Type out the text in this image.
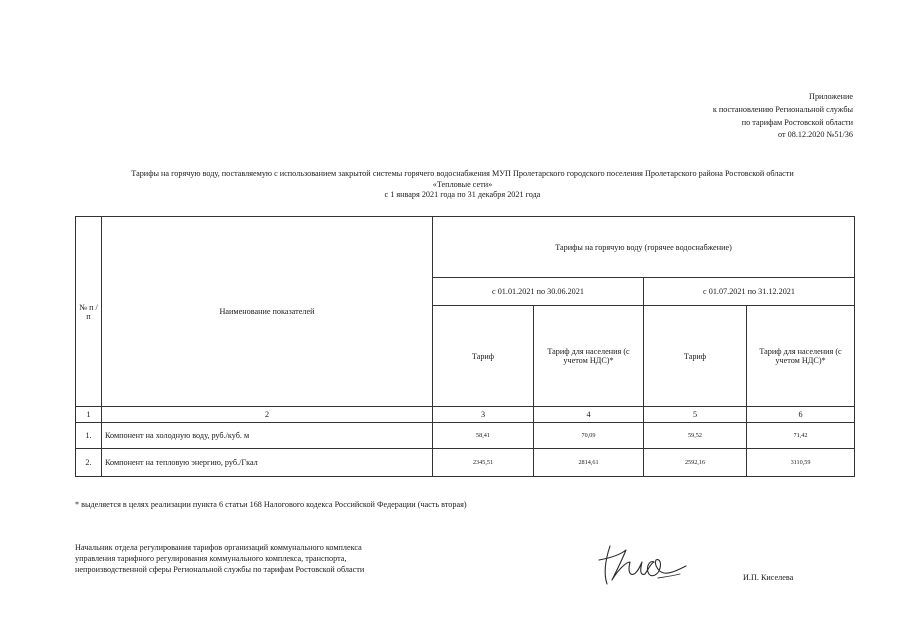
Приложение
к постановлению Региональной службы
по тарифам Ростовской области
от 08.12.2020 №51/36
Тарифы на горячую воду, поставляемую с использованием закрытой системы горячего водоснабжения МУП Пролетарского городского поселения Пролетарского района Ростовской области
«Тепловые сети»
с 1 января 2021 года по 31 декабря 2021 года
№ п /п	Наименование показателей	Тарифы на горячую воду (горячее водоснабжение)			
		с 01.01.2021 по 30.06.2021		с 01.07.2021 по 31.12.2021	
		Тариф	Тариф для населения (с учетом НДС)*	Тариф	Тариф для населения (с учетом НДС)*
1	2	3	4	5	6
1.	Компонент на холодную воду, руб./куб. м	58,41	70,09	59,52	71,42
2.	Компонент на тепловую энергию, руб./Гкал	2345,51	2814,61	2592,16	3110,59
* выделяется в целях реализации пункта 6 статьи 168 Налогового кодекса Российской Федерации (часть вторая)
Начальник отдела регулирования тарифов организаций коммунального комплекса
управления тарифного регулирования коммунального комплекса, транспорта,
непроизводственной сферы Региональной службы по тарифам Ростовской области
И.П. Киселева
